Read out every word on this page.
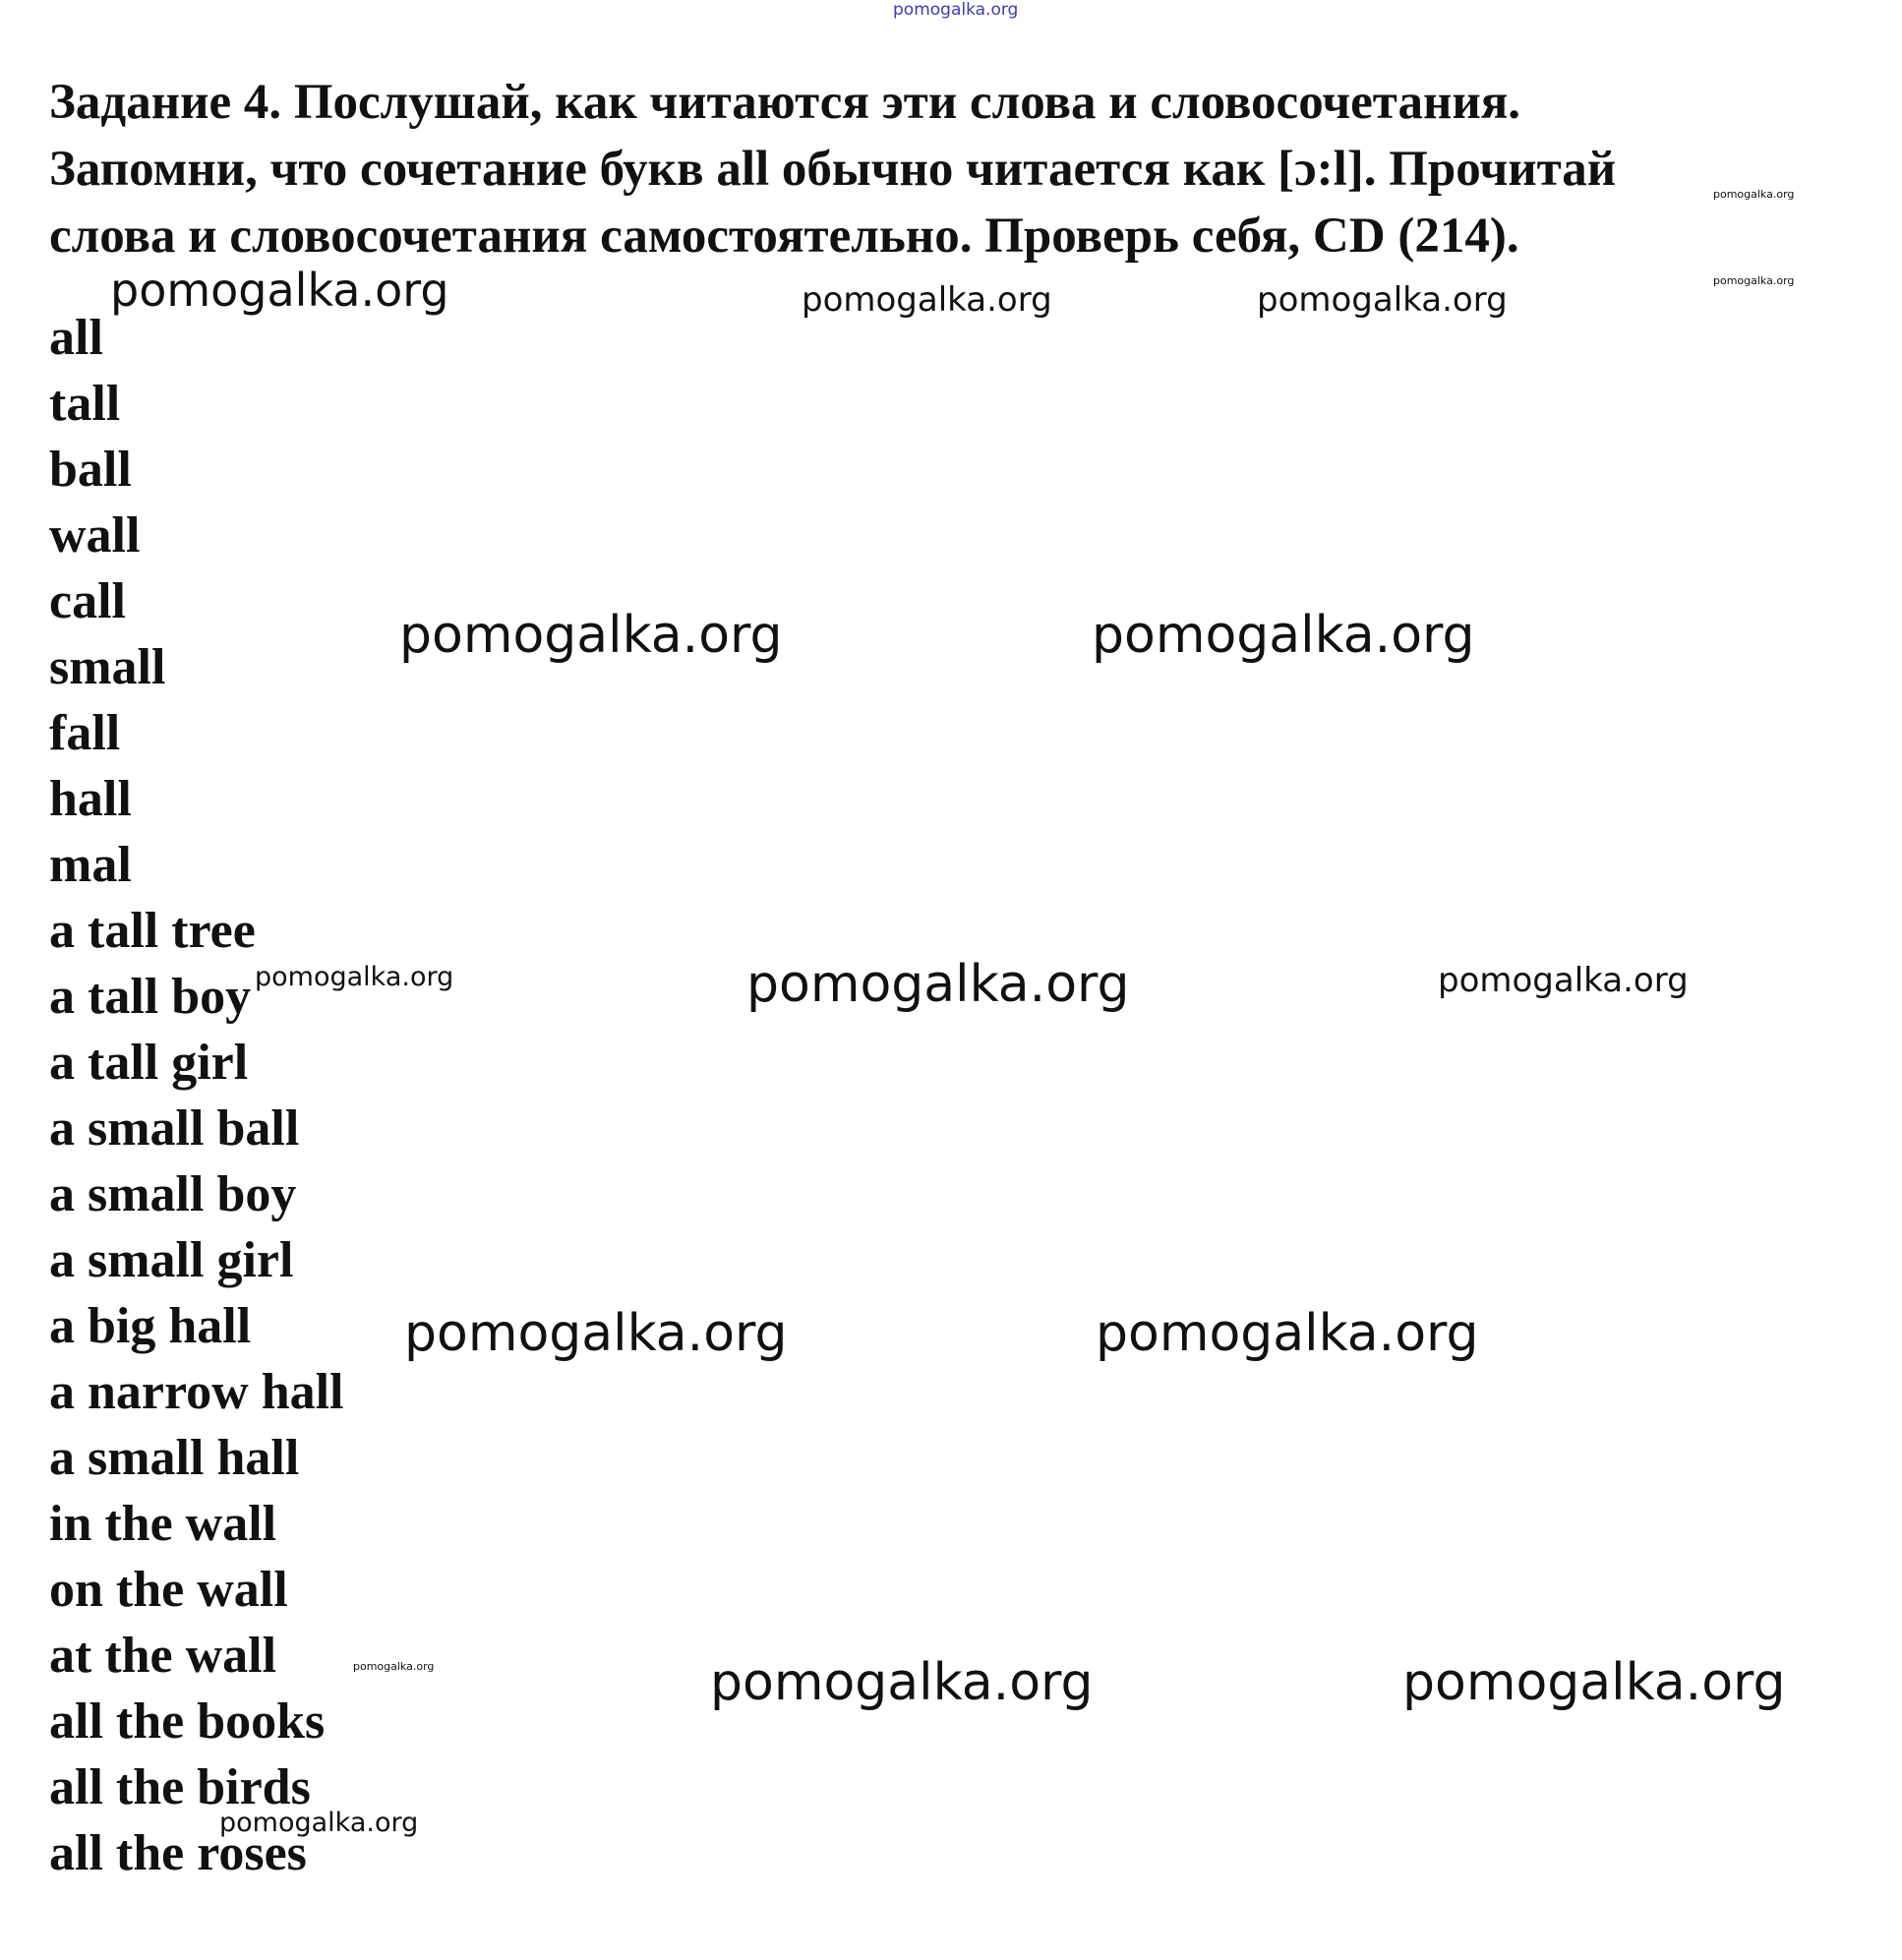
pomogalka.org

Задание 4. Послушай, как читаются эти слова и словосочетания.
Запомни, что сочетание букв all обычно читается как [ɔ:l]. Прочитай
слова и словосочетания самостоятельно. Проверь себя, CD (214).

all
tall
ball
wall
call
small
fall
hall
mal
a tall tree
a tall boy
a tall girl
a small ball
a small boy
a small girl
a big hall
a narrow hall
a small hall
in the wall
on the wall
at the wall
all the books
all the birds
all the roses
pomogalka.org
pomogalka.org	pomogalka.org	pomogalka.org	pomogalka.org
pomogalka.org	pomogalka.org
pomogalka.org	pomogalka.org	pomogalka.org
pomogalka.org	pomogalka.org
pomogalka.org	pomogalka.org	pomogalka.org
pomogalka.org
